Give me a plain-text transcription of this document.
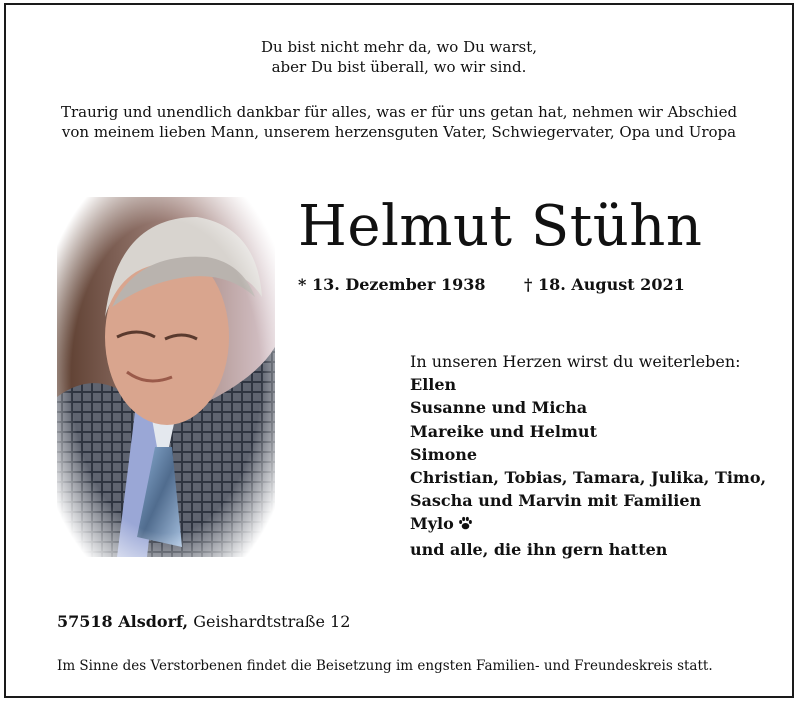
Du bist nicht mehr da, wo Du warst,
aber Du bist überall, wo wir sind.
Traurig und unendlich dankbar für alles, was er für uns getan hat, nehmen wir Abschied
von meinem lieben Mann, unserem herzensguten Vater, Schwiegervater, Opa und Uropa
Helmut Stühn
* 13. Dezember 1938 † 18. August 2021
In unseren Herzen wirst du weiterleben:
Ellen
Susanne und Micha
Mareike und Helmut
Simone
Christian, Tobias, Tamara, Julika, Timo,
Sascha und Marvin mit Familien
Mylo
und alle, die ihn gern hatten
57518 Alsdorf, Geishardtstraße 12
Im Sinne des Verstorbenen findet die Beisetzung im engsten Familien- und Freundeskreis statt.
